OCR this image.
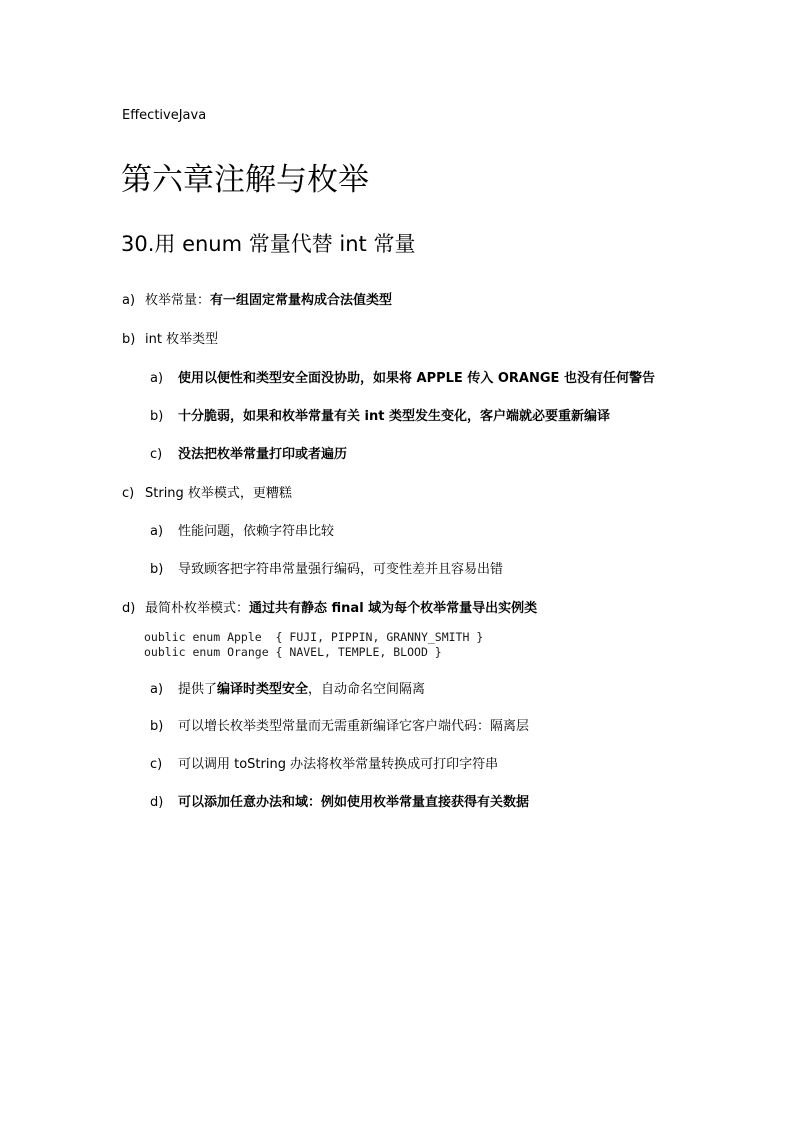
EffectiveJava
第六章注解与枚举
30.用 enum 常量代替 int 常量
a) 枚举常量：有一组固定常量构成合法值类型
b) int 枚举类型
a) 使用以便性和类型安全面没协助，如果将 APPLE 传入 ORANGE 也没有任何警告
b) 十分脆弱，如果和枚举常量有关 int 类型发生变化，客户端就必要重新编译
c) 没法把枚举常量打印或者遍历
c) String 枚举模式，更糟糕
a) 性能问题，依赖字符串比较
b) 导致顾客把字符串常量强行编码，可变性差并且容易出错
d) 最简朴枚举模式：通过共有静态 final 域为每个枚举常量导出实例类
oublic enum Apple  { FUJI, PIPPIN, GRANNY_SMITH }
oublic enum Orange { NAVEL, TEMPLE, BLOOD }
a) 提供了编译时类型安全，自动命名空间隔离
b) 可以增长枚举类型常量而无需重新编译它客户端代码：隔离层
c) 可以调用 toString 办法将枚举常量转换成可打印字符串
d) 可以添加任意办法和域：例如使用枚举常量直接获得有关数据
